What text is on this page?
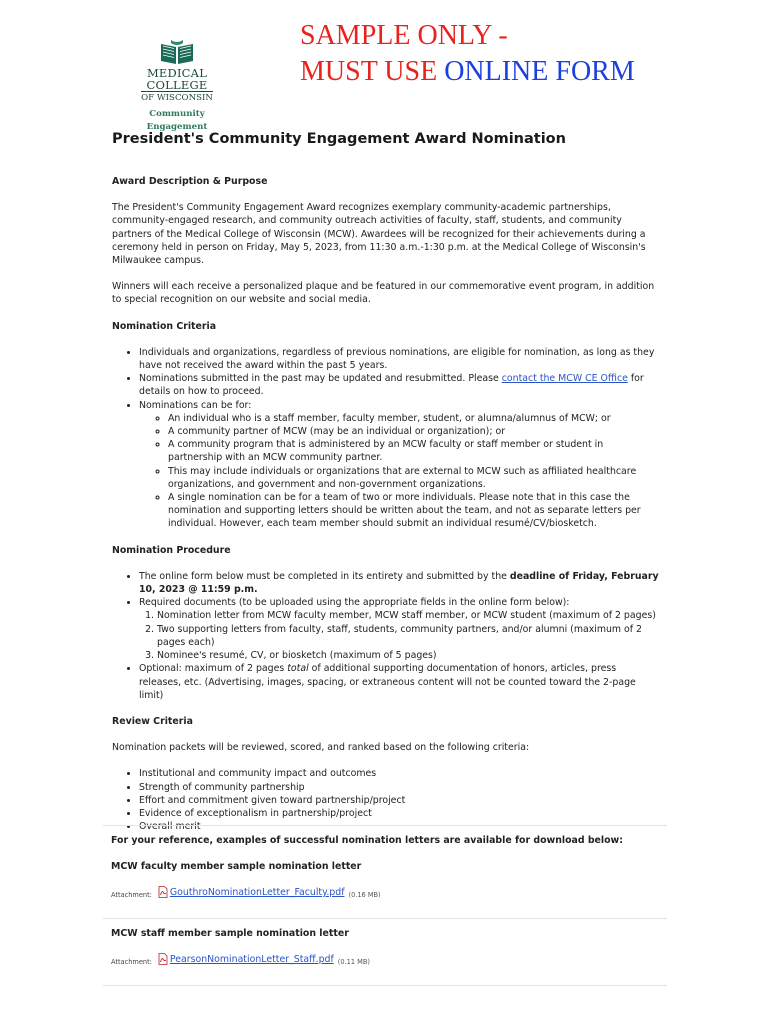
MEDICAL
COLLEGE
OF WISCONSIN
Community Engagement
SAMPLE ONLY -
MUST USE ONLINE FORM
President's Community Engagement Award Nomination
Award Description & Purpose

The President's Community Engagement Award recognizes exemplary community-academic partnerships, community-engaged research, and community outreach activities of faculty, staff, students, and community partners of the Medical College of Wisconsin (MCW). Awardees will be recognized for their achievements during a ceremony held in person on Friday, May 5, 2023, from 11:30 a.m.-1:30 p.m. at the Medical College of Wisconsin's Milwaukee campus.

Winners will each receive a personalized plaque and be featured in our commemorative event program, in addition to special recognition on our website and social media.

Nomination Criteria
• Individuals and organizations, regardless of previous nominations, are eligible for nomination, as long as they have not received the award within the past 5 years.
• Nominations submitted in the past may be updated and resubmitted. Please contact the MCW CE Office for details on how to proceed.
• Nominations can be for:
◦ An individual who is a staff member, faculty member, student, or alumna/alumnus of MCW; or
◦ A community partner of MCW (may be an individual or organization); or
◦ A community program that is administered by an MCW faculty or staff member or student in partnership with an MCW community partner.
◦ This may include individuals or organizations that are external to MCW such as affiliated healthcare organizations, and government and non-government organizations.
◦ A single nomination can be for a team of two or more individuals. Please note that in this case the nomination and supporting letters should be written about the team, and not as separate letters per individual. However, each team member should submit an individual resumé/CV/biosketch.
Nomination Procedure
• The online form below must be completed in its entirety and submitted by the deadline of Friday, February 10, 2023 @ 11:59 p.m.
• Required documents (to be uploaded using the appropriate fields in the online form below):
1. Nomination letter from MCW faculty member, MCW staff member, or MCW student (maximum of 2 pages)
2. Two supporting letters from faculty, staff, students, community partners, and/or alumni (maximum of 2 pages each)
3. Nominee's resumé, CV, or biosketch (maximum of 5 pages)
• Optional: maximum of 2 pages total of additional supporting documentation of honors, articles, press releases, etc. (Advertising, images, spacing, or extraneous content will not be counted toward the 2-page limit)
Review Criteria

Nomination packets will be reviewed, scored, and ranked based on the following criteria:

• Institutional and community impact and outcomes
• Strength of community partnership
• Effort and commitment given toward partnership/project
• Evidence of exceptionalism in partnership/project
• Overall merit
For your reference, examples of successful nomination letters are available for download below:
MCW faculty member sample nomination letter
Attachment: GouthroNominationLetter_Faculty.pdf (0.16 MB)
MCW staff member sample nomination letter
Attachment: PearsonNominationLetter_Staff.pdf (0.11 MB)
